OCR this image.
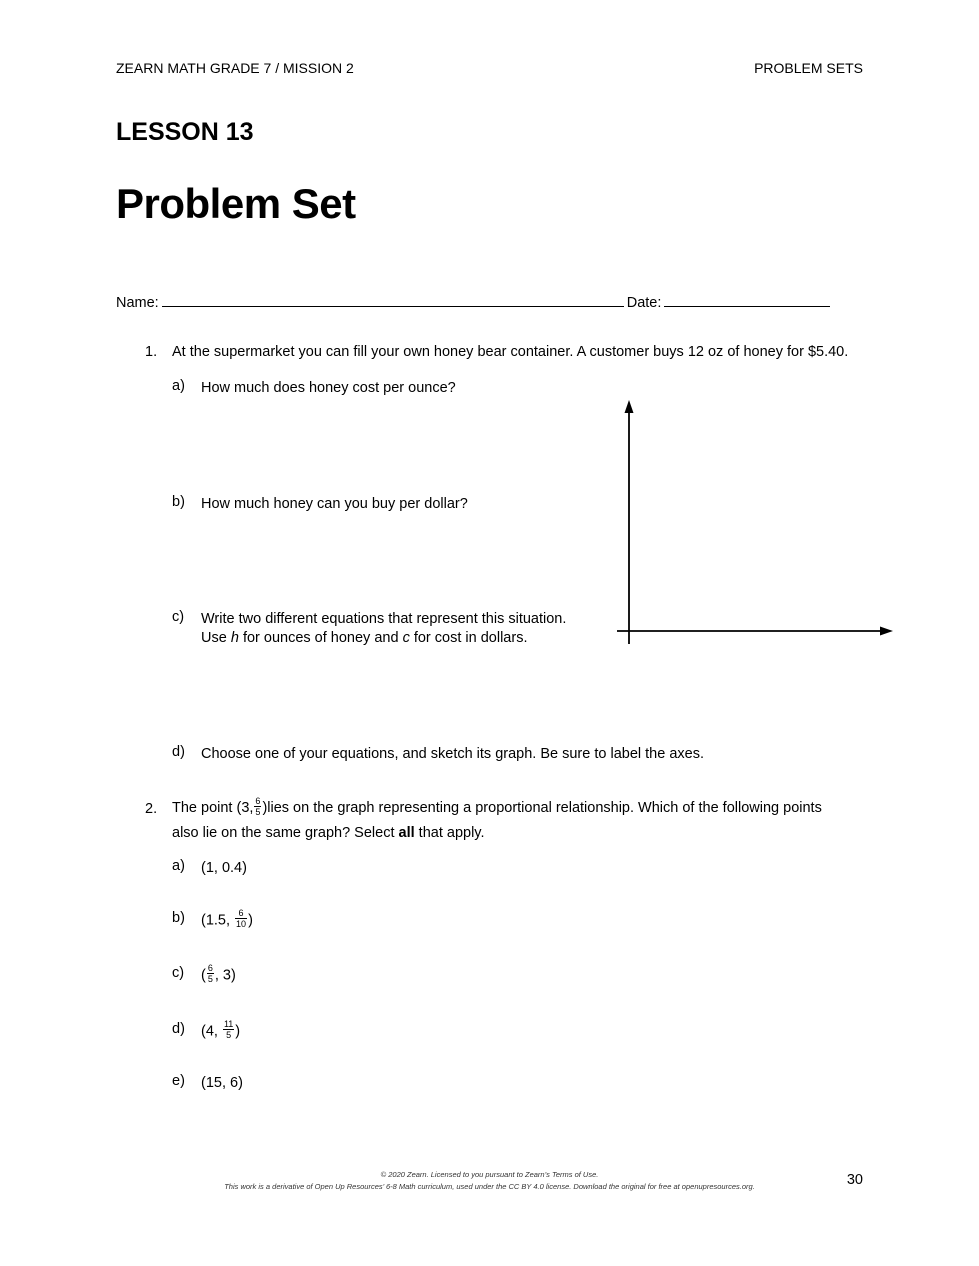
ZEARN MATH GRADE 7 / MISSION 2	PROBLEM SETS
LESSON 13
Problem Set
Name:	Date:
1. At the supermarket you can fill your own honey bear container. A customer buys 12 oz of honey for $5.40.
a) How much does honey cost per ounce?
b) How much honey can you buy per dollar?
c) Write two different equations that represent this situation.
Use h for ounces of honey and c for cost in dollars.
d) Choose one of your equations, and sketch its graph. Be sure to label the axes.
2. The point (3, $\frac{6}{5}$ )lies on the graph representing a proportional relationship. Which of the following points
also lie on the same graph? Select all that apply.
a) (1, 0.4)
b) (1.5, $\frac{6}{10}$ )
c) ( $\frac{6}{5}$ , 3)
d) (4, $\frac{11}{5}$ )
e) (15, 6)
© 2020 Zearn. Licensed to you pursuant to Zearn’s Terms of Use.
This work is a derivative of Open Up Resources’ 6-8 Math curriculum, used under the CC BY 4.0 license. Download the original for free at openupresources.org.	30
